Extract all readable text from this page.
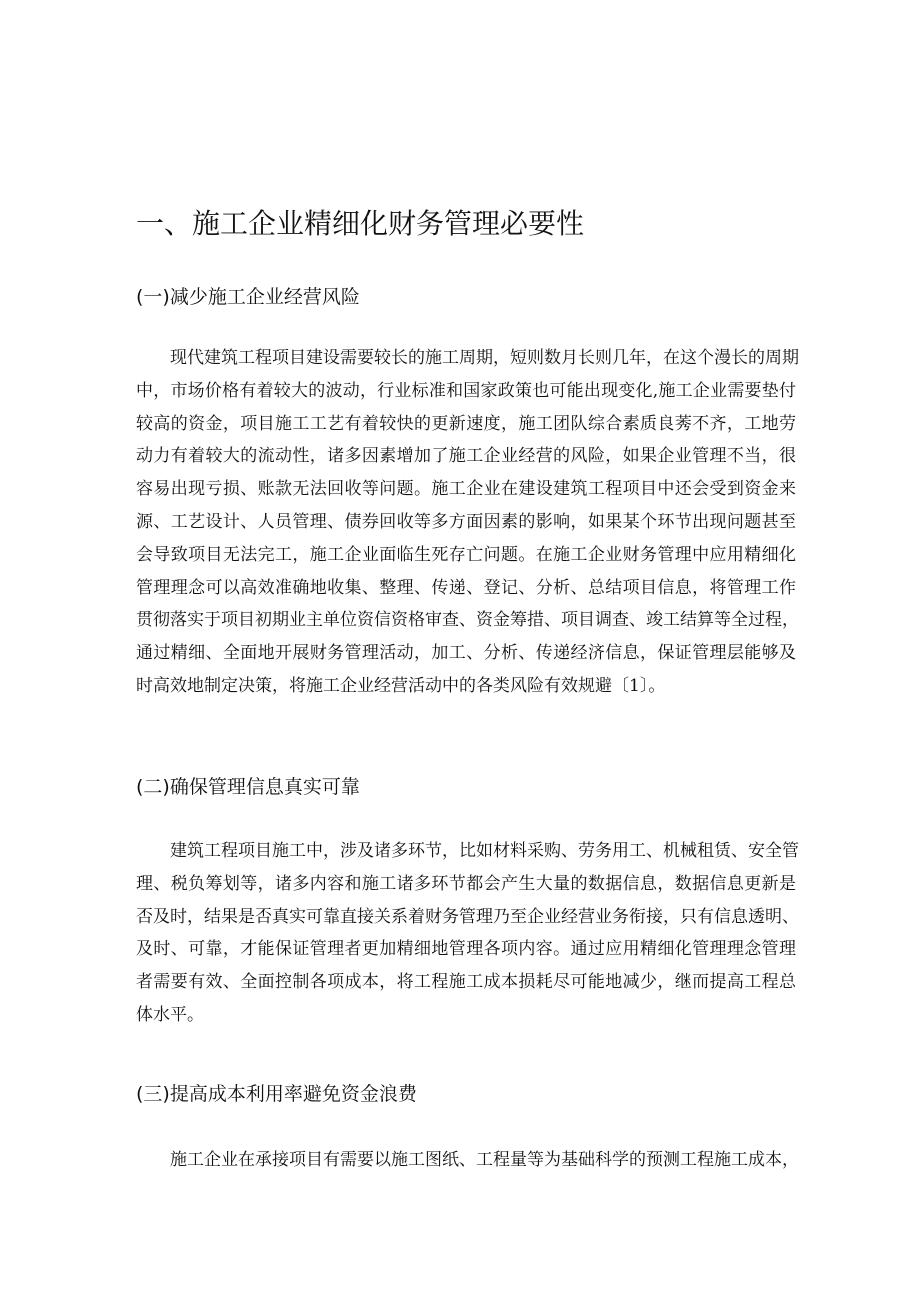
一、施工企业精细化财务管理必要性
(一)减少施工企业经营风险
现代建筑工程项目建设需要较长的施工周期，短则数月长则几年，在这个漫长的周期
中，市场价格有着较大的波动，行业标准和国家政策也可能出现变化,施工企业需要垫付
较高的资金，项目施工工艺有着较快的更新速度，施工团队综合素质良莠不齐，工地劳
动力有着较大的流动性，诸多因素增加了施工企业经营的风险，如果企业管理不当，很
容易出现亏损、账款无法回收等问题。施工企业在建设建筑工程项目中还会受到资金来
源、工艺设计、人员管理、债券回收等多方面因素的影响，如果某个环节出现问题甚至
会导致项目无法完工，施工企业面临生死存亡问题。在施工企业财务管理中应用精细化
管理理念可以高效准确地收集、整理、传递、登记、分析、总结项目信息，将管理工作
贯彻落实于项目初期业主单位资信资格审查、资金筹措、项目调查、竣工结算等全过程，
通过精细、全面地开展财务管理活动，加工、分析、传递经济信息，保证管理层能够及
时高效地制定决策，将施工企业经营活动中的各类风险有效规避〔1〕。
(二)确保管理信息真实可靠
建筑工程项目施工中，涉及诸多环节，比如材料采购、劳务用工、机械租赁、安全管
理、税负筹划等，诸多内容和施工诸多环节都会产生大量的数据信息，数据信息更新是
否及时，结果是否真实可靠直接关系着财务管理乃至企业经营业务衔接，只有信息透明、
及时、可靠，才能保证管理者更加精细地管理各项内容。通过应用精细化管理理念管理
者需要有效、全面控制各项成本，将工程施工成本损耗尽可能地减少，继而提高工程总
体水平。
(三)提高成本利用率避免资金浪费
施工企业在承接项目有需要以施工图纸、工程量等为基础科学的预测工程施工成本，
